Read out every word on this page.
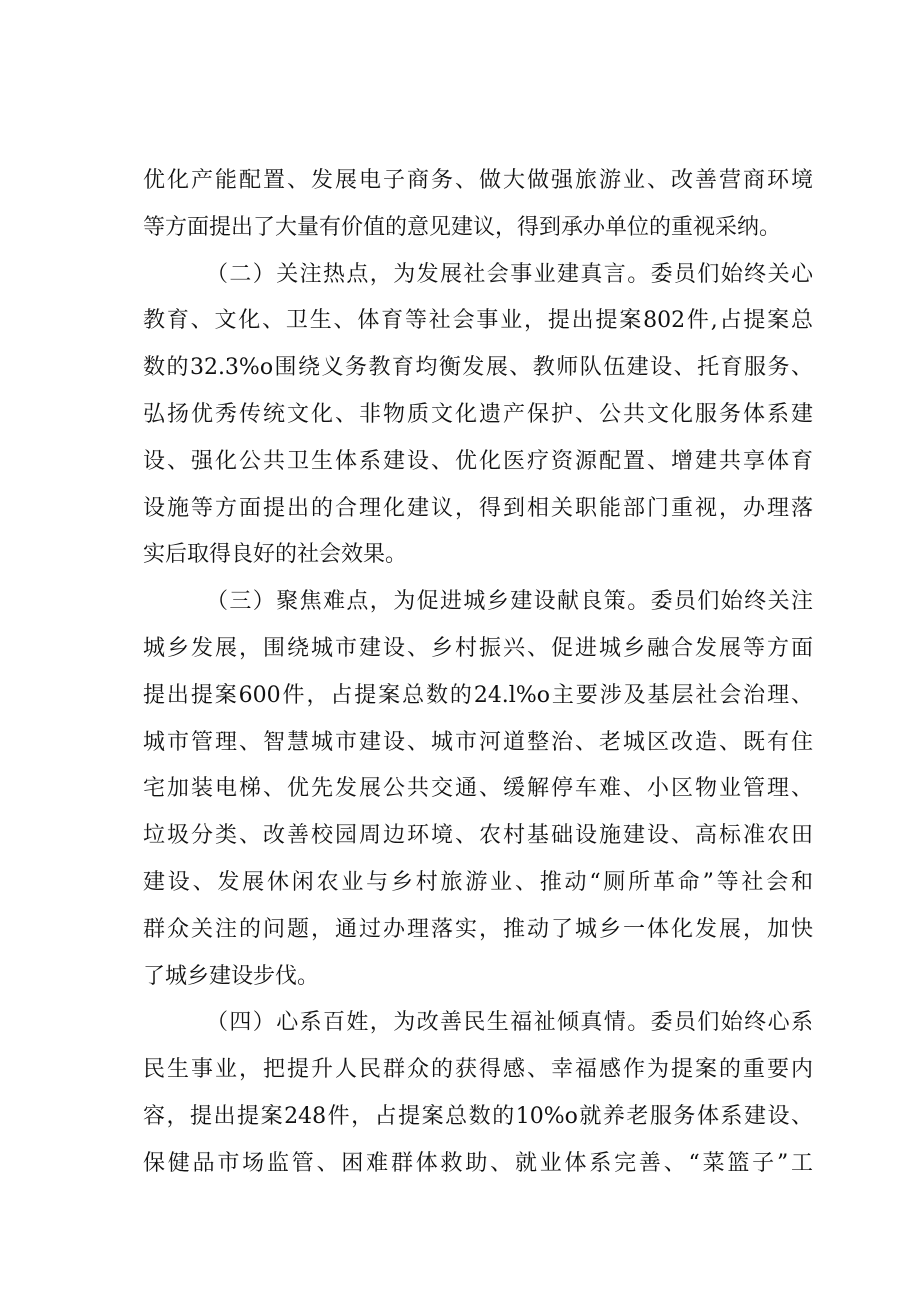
优化产能配置、发展电子商务、做大做强旅游业、改善营商环境
等方面提出了大量有价值的意见建议，得到承办单位的重视采纳。
（二）关注热点，为发展社会事业建真言。委员们始终关心
教育、文化、卫生、体育等社会事业，提出提案802件,占提案总
数的32.3%o围绕义务教育均衡发展、教师队伍建设、托育服务、
弘扬优秀传统文化、非物质文化遗产保护、公共文化服务体系建
设、强化公共卫生体系建设、优化医疗资源配置、增建共享体育
设施等方面提出的合理化建议，得到相关职能部门重视，办理落
实后取得良好的社会效果。
（三）聚焦难点，为促进城乡建设献良策。委员们始终关注
城乡发展，围绕城市建设、乡村振兴、促进城乡融合发展等方面
提出提案600件，占提案总数的24.l%o主要涉及基层社会治理、
城市管理、智慧城市建设、城市河道整治、老城区改造、既有住
宅加装电梯、优先发展公共交通、缓解停车难、小区物业管理、
垃圾分类、改善校园周边环境、农村基础设施建设、高标准农田
建设、发展休闲农业与乡村旅游业、推动“厕所革命”等社会和
群众关注的问题，通过办理落实，推动了城乡一体化发展，加快
了城乡建设步伐。
（四）心系百姓，为改善民生福祉倾真情。委员们始终心系
民生事业，把提升人民群众的获得感、幸福感作为提案的重要内
容，提出提案248件，占提案总数的10%o就养老服务体系建设、
保健品市场监管、困难群体救助、就业体系完善、“菜篮子”工
